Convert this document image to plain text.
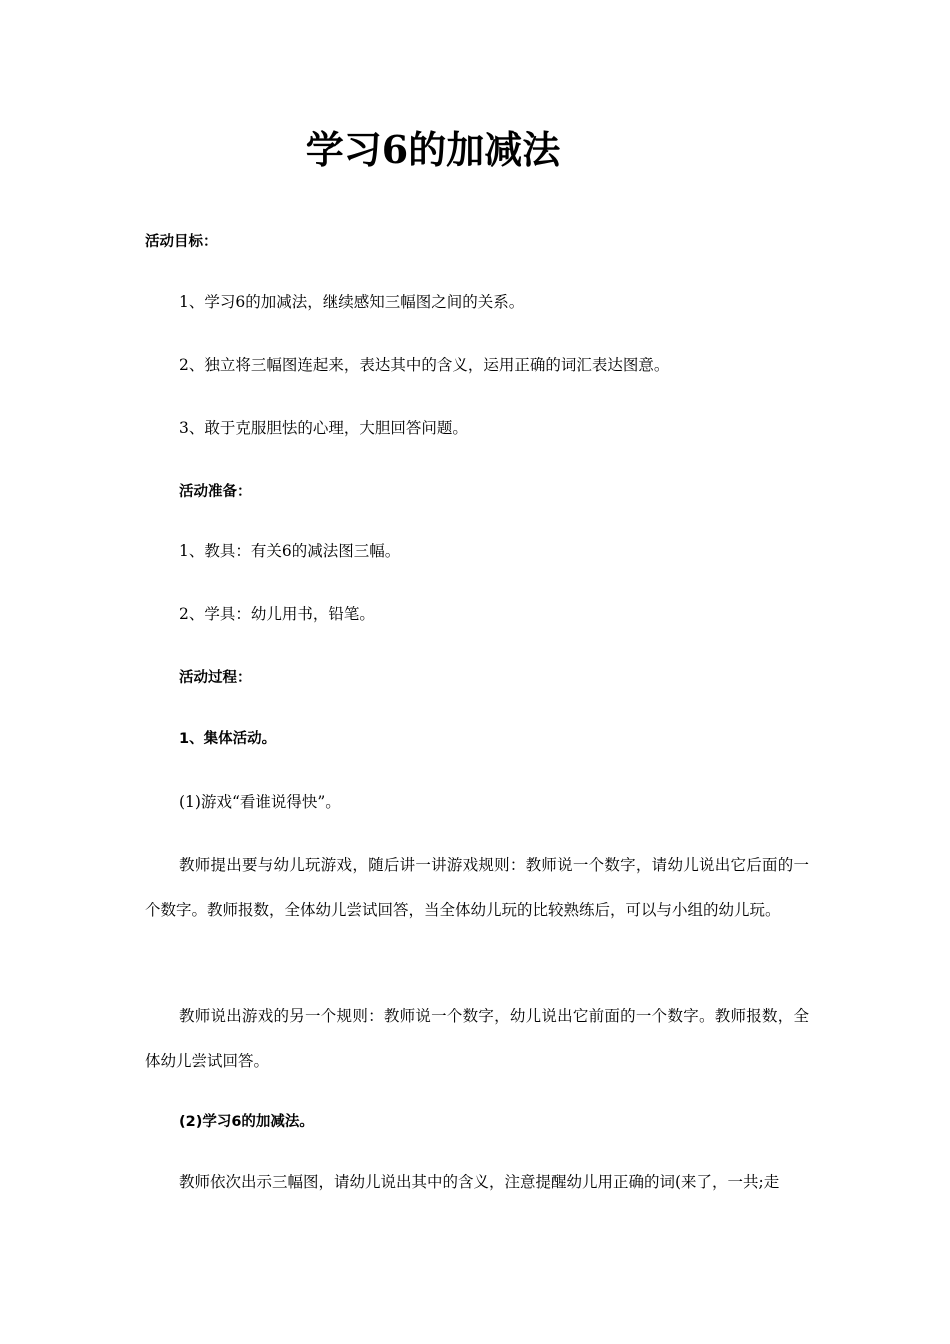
学习6的加减法
活动目标：
1、学习6的加减法，继续感知三幅图之间的关系。
2、独立将三幅图连起来，表达其中的含义，运用正确的词汇表达图意。
3、敢于克服胆怯的心理，大胆回答问题。
活动准备：
1、教具：有关6的减法图三幅。
2、学具：幼儿用书，铅笔。
活动过程：
1、集体活动。
(1)游戏“看谁说得快”。
教师提出要与幼儿玩游戏，随后讲一讲游戏规则：教师说一个数字，请幼儿说出它后面的一个数字。教师报数，全体幼儿尝试回答，当全体幼儿玩的比较熟练后，可以与小组的幼儿玩。
教师说出游戏的另一个规则：教师说一个数字，幼儿说出它前面的一个数字。教师报数，全体幼儿尝试回答。
(2)学习6的加减法。
教师依次出示三幅图，请幼儿说出其中的含义，注意提醒幼儿用正确的词(来了，一共;走
